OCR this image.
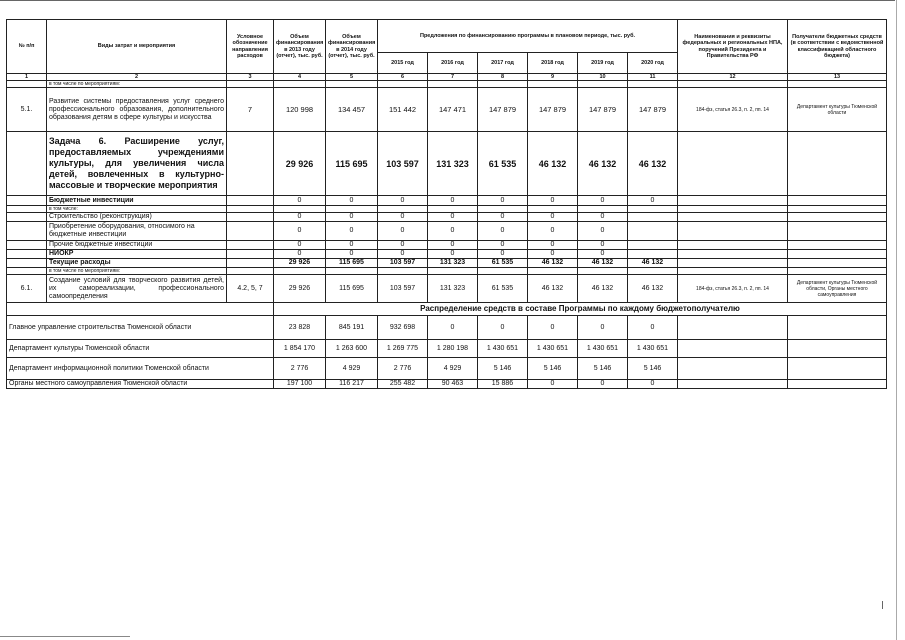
№ п/п	Виды затрат и мероприятия	Условное обозначение направления расходов	Объем финансирования в 2013 году (отчет), тыс. руб.	Объем финансирования в 2014 году (отчет), тыс. руб.	Предложения по финансированию программы в плановом периоде, тыс. руб.						Наименования и реквизиты федеральных и региональных НПА, поручений Президента и Правительства РФ	Получатели бюджетных средств (в соответствии с ведомственной классификацией областного бюджета)
					2015 год	2016 год	2017 год	2018 год	2019 год	2020 год		
1	2	3	4	5	6	7	8	9	10	11	12	13
	в том числе по мероприятиям:											
5.1.	Развитие системы предоставления услуг среднего профессионального образования, дополнительного образования детям в сфере культуры и искусства	7	120 998	134 457	151 442	147 471	147 879	147 879	147 879	147 879	184-фз, статья 26.3, п. 2, пп. 14	Департамент культуры Тюменской области
	Задача 6. Расширение услуг, предоставляемых учреждениями культуры, для увеличения числа детей, вовлеченных в культурно-массовые и творческие мероприятия		29 926	115 695	103 597	131 323	61 535	46 132	46 132	46 132		
	Бюджетные инвестиции		0	0	0	0	0	0	0	0		
	в том числе:											
	Строительство (реконструкция)		0	0	0	0	0	0	0			
	Приобретение оборудования, относимого на бюджетные инвестиции		0	0	0	0	0	0	0			
	Прочие бюджетные инвестиции		0	0	0	0	0	0	0			
	НИОКР		0	0	0	0	0	0	0			
	Текущие расходы		29 926	115 695	103 597	131 323	61 535	46 132	46 132	46 132		
	в том числе по мероприятиям:											
6.1.	Создание условий для творческого развития детей, их самореализации, профессионального самоопределения	4.2, 5, 7	29 926	115 695	103 597	131 323	61 535	46 132	46 132	46 132	184-фз, статья 26.3, п. 2, пп. 14	Департамент культуры Тюменской области, Органы местного самоуправления
			Распределение средств в составе Программы по каждому бюджетополучателю									
Главное управление строительства Тюменской области			23 828	845 191	932 698	0	0	0	0	0		
Департамент культуры Тюменской области			1 854 170	1 263 600	1 269 775	1 280 198	1 430 651	1 430 651	1 430 651	1 430 651		
Департамент информационной политики Тюменской области			2 776	4 929	2 776	4 929	5 146	5 146	5 146	5 146		
Органы местного самоуправления Тюменской области			197 100	116 217	255 482	90 463	15 886	0	0	0		
